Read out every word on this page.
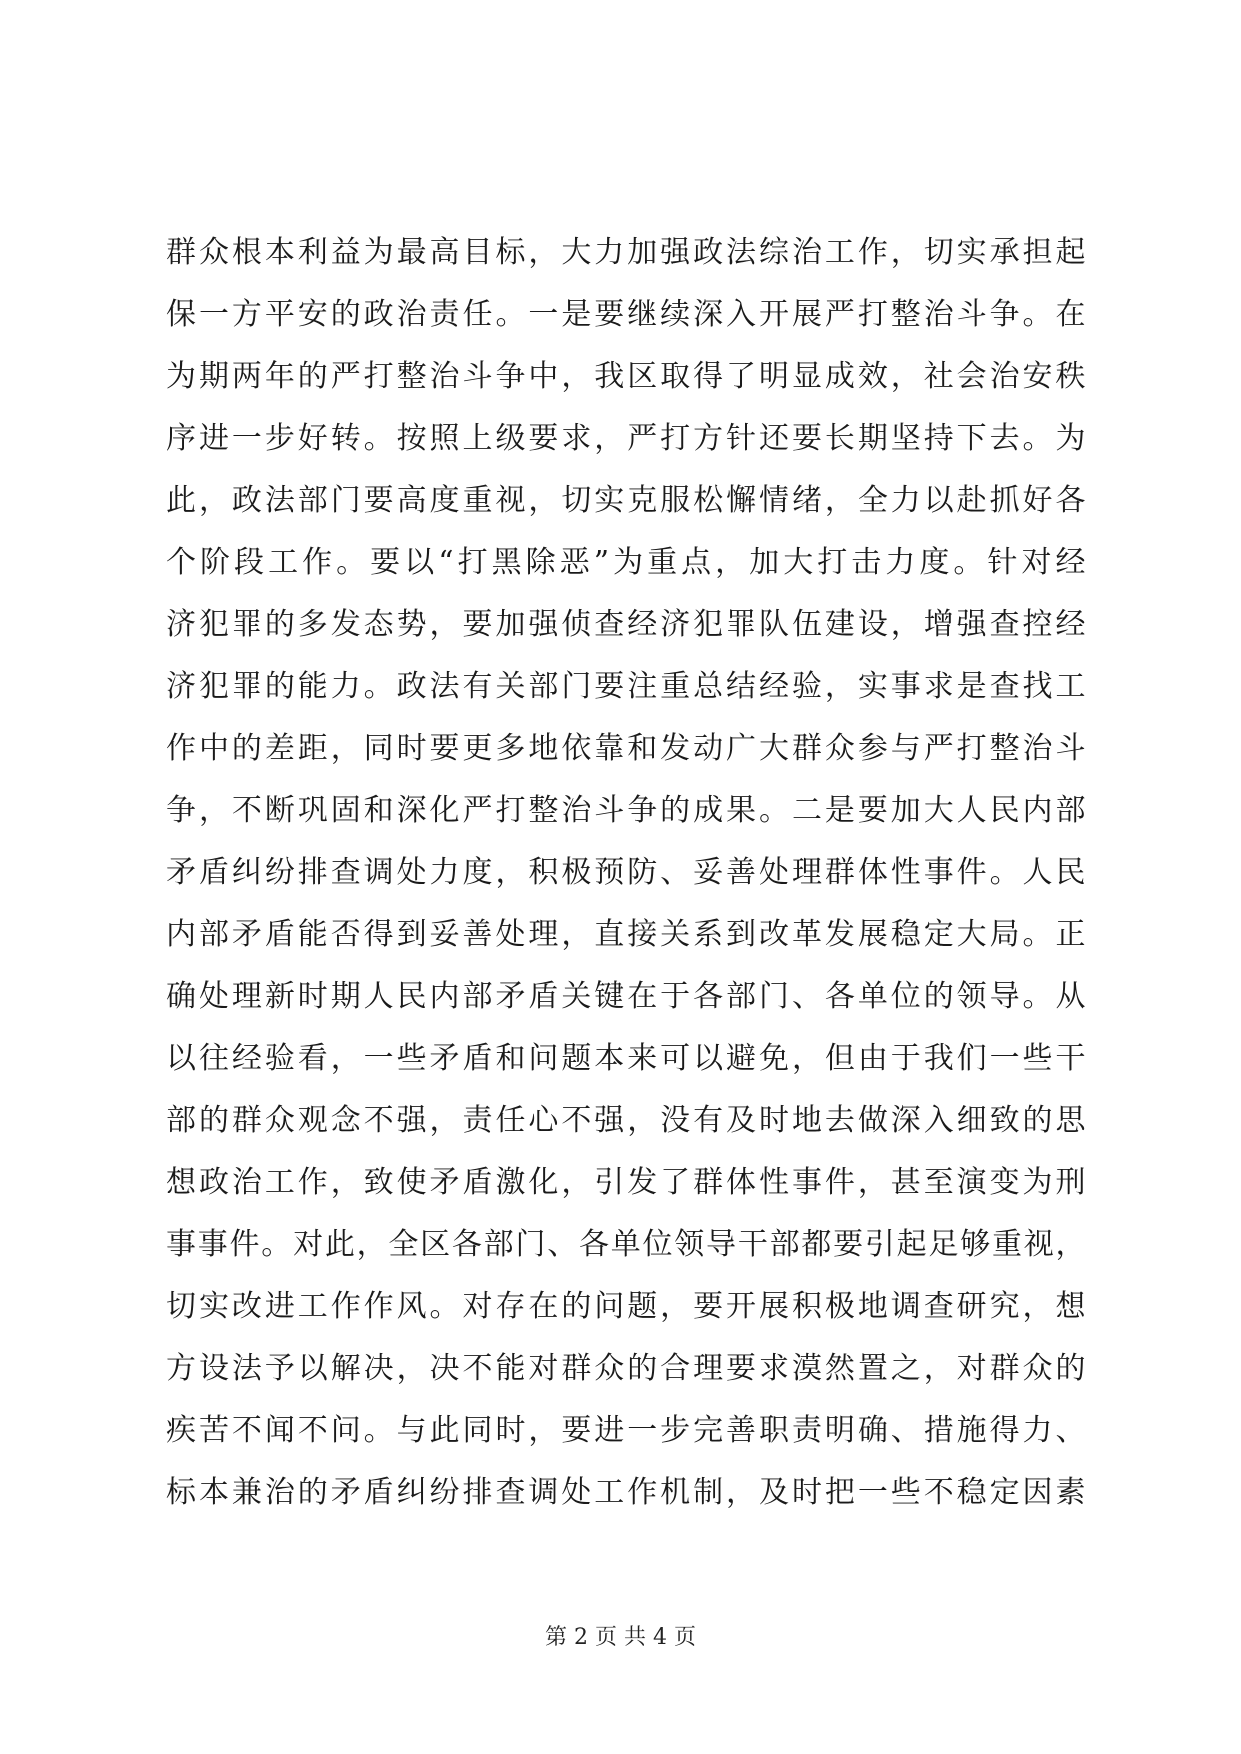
群众根本利益为最高目标，大力加强政法综治工作，切实承担起
保一方平安的政治责任。一是要继续深入开展严打整治斗争。在
为期两年的严打整治斗争中，我区取得了明显成效，社会治安秩
序进一步好转。按照上级要求，严打方针还要长期坚持下去。为
此，政法部门要高度重视，切实克服松懈情绪，全力以赴抓好各
个阶段工作。要以“打黑除恶”为重点，加大打击力度。针对经
济犯罪的多发态势，要加强侦查经济犯罪队伍建设，增强查控经
济犯罪的能力。政法有关部门要注重总结经验，实事求是查找工
作中的差距，同时要更多地依靠和发动广大群众参与严打整治斗
争，不断巩固和深化严打整治斗争的成果。二是要加大人民内部
矛盾纠纷排查调处力度，积极预防、妥善处理群体性事件。人民
内部矛盾能否得到妥善处理，直接关系到改革发展稳定大局。正
确处理新时期人民内部矛盾关键在于各部门、各单位的领导。从
以往经验看，一些矛盾和问题本来可以避免，但由于我们一些干
部的群众观念不强，责任心不强，没有及时地去做深入细致的思
想政治工作，致使矛盾激化，引发了群体性事件，甚至演变为刑
事事件。对此，全区各部门、各单位领导干部都要引起足够重视，
切实改进工作作风。对存在的问题，要开展积极地调查研究，想
方设法予以解决，决不能对群众的合理要求漠然置之，对群众的
疾苦不闻不问。与此同时，要进一步完善职责明确、措施得力、
标本兼治的矛盾纠纷排查调处工作机制，及时把一些不稳定因素
第 2 页 共 4 页
